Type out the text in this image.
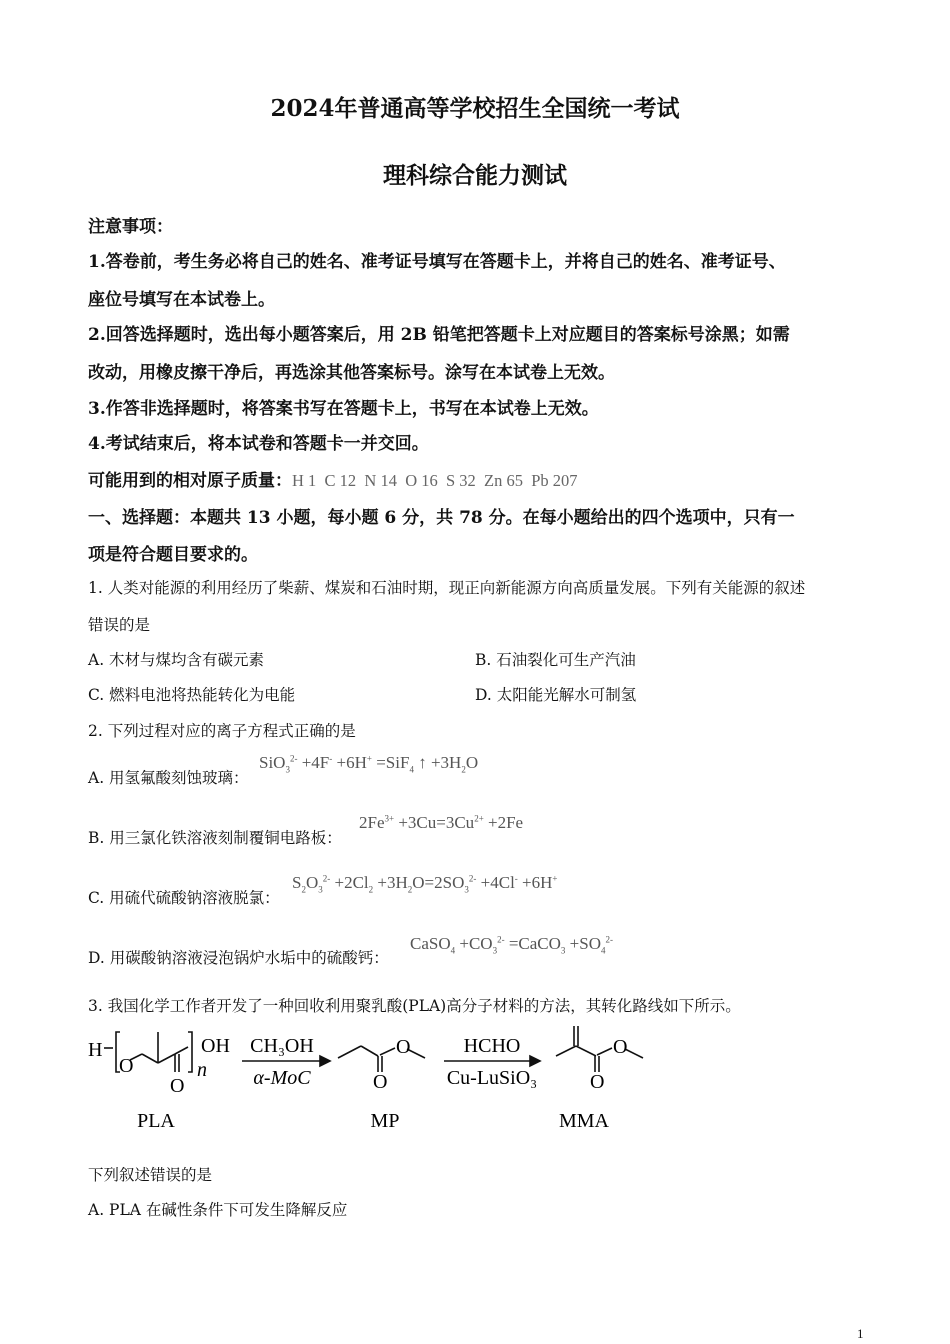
2024年普通高等学校招生全国统一考试
理科综合能力测试
注意事项：
1.答卷前，考生务必将自己的姓名、准考证号填写在答题卡上，并将自己的姓名、准考证号、
座位号填写在本试卷上。
2.回答选择题时，选出每小题答案后，用 2B 铅笔把答题卡上对应题目的答案标号涂黑；如需
改动，用橡皮擦干净后，再选涂其他答案标号。涂写在本试卷上无效。
3.作答非选择题时，将答案书写在答题卡上，书写在本试卷上无效。
4.考试结束后，将本试卷和答题卡一并交回。
可能用到的相对原子质量：H 1  C 12  N 14  O 16  S 32  Zn 65  Pb 207
一、选择题：本题共 13 小题，每小题 6 分，共 78 分。在每小题给出的四个选项中，只有一
项是符合题目要求的。
1. 人类对能源的利用经历了柴薪、煤炭和石油时期，现正向新能源方向高质量发展。下列有关能源的叙述
错误的是
A. 木材与煤均含有碳元素	B. 石油裂化可生产汽油
C. 燃料电池将热能转化为电能	D. 太阳能光解水可制氢
2. 下列过程对应的离子方程式正确的是
A. 用氢氟酸刻蚀玻璃：
SiO$_3^{2-}$ +4F- +6H+ =SiF$_4$ ↑ $+3H_2O$
B. 用三氯化铁溶液刻制覆铜电路板：
$2Fe^{3+} +3Cu=3Cu^{2+} +2Fe$
C. 用硫代硫酸钠溶液脱氯：
$S_2O_3^{2-} +2Cl_2 +3H_2O=2SO_3^{2-} +4Cl^- +6H^+$
D. 用碳酸钠溶液浸泡锅炉水垢中的硫酸钙：
CaSO$_4$ $+CO_3^{2-}$ =CaCO$_3$ $+SO_4^{2-}$
3. 我国化学工作者开发了一种回收利用聚乳酸(PLA)高分子材料的方法，其转化路线如下所示。
H
O
O
OH
n
CH₃OH
α-MoC
O
O
HCHO
Cu-LuSiO₃
O
O
PLA	MP	MMA
下列叙述错误的是
A. PLA 在碱性条件下可发生降解反应
1
